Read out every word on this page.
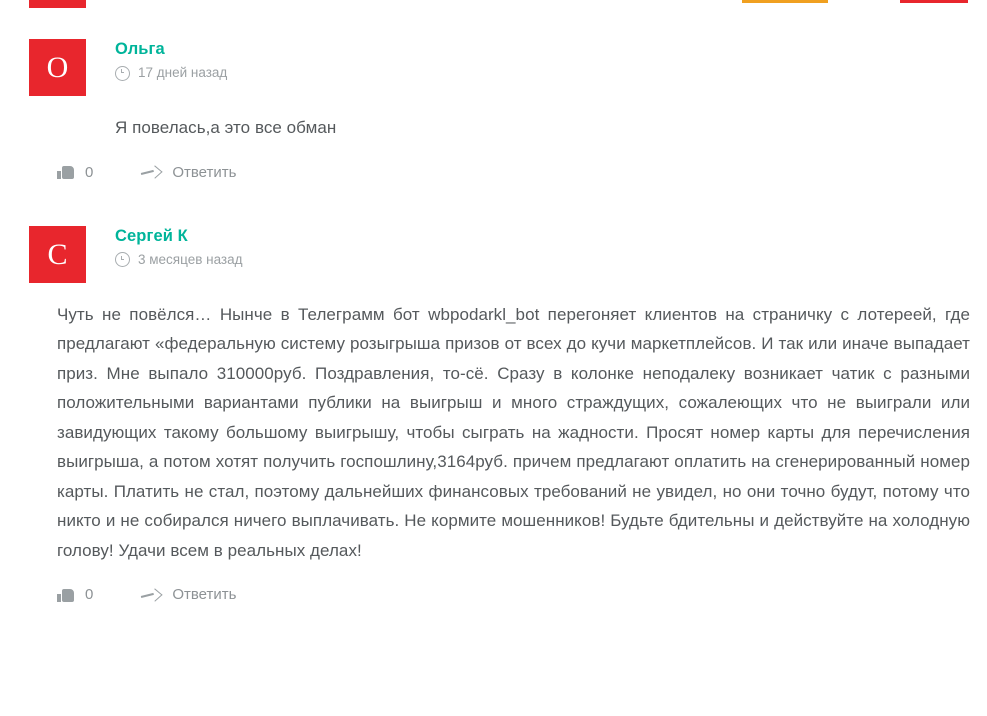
О
Ольга
17 дней назад
Я повелась,а это все обман
0	Ответить
С
Сергей К
3 месяцев назад
Чуть не повёлся… Нынче в Телеграмм бот wbpodarkl_bot перегоняет клиентов на страничку с лотереей, где предлагают «федеральную систему розыгрыша призов от всех до кучи маркетплейсов. И так или иначе выпадает приз. Мне выпало 310000руб. Поздравления, то-сё. Сразу в колонке неподалеку возникает чатик с разными положительными вариантами публики на выигрыш и много страждущих, сожалеющих что не выиграли или завидующих такому большому выигрышу, чтобы сыграть на жадности. Просят номер карты для перечисления выигрыша, а потом хотят получить госпошлину,3164руб. причем предлагают оплатить на сгенерированный номер карты. Платить не стал, поэтому дальнейших финансовых требований не увидел, но они точно будут, потому что никто и не собирался ничего выплачивать. Не кормите мошенников! Будьте бдительны и действуйте на холодную голову! Удачи всем в реальных делах!
0	Ответить
